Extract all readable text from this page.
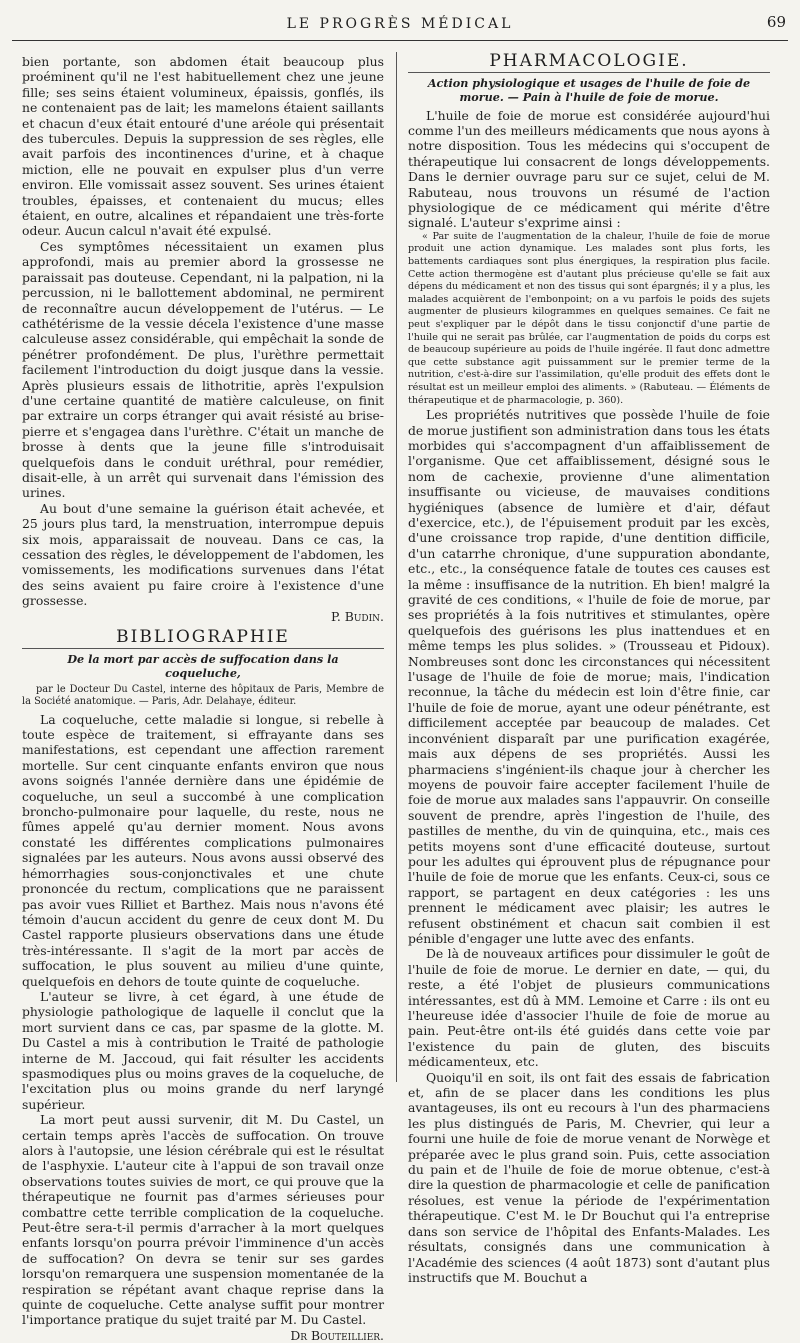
LE PROGRÈS MÉDICAL	69

bien portante, son abdomen était beaucoup plus proéminent qu'il ne l'est habituellement chez une jeune fille; ses seins étaient volumineux, épaissis, gonflés, ils ne contenaient pas de lait; les mamelons étaient saillants et chacun d'eux était entouré d'une aréole qui présentait des tubercules. Depuis la suppression de ses règles, elle avait parfois des incontinences d'urine, et à chaque miction, elle ne pouvait en expulser plus d'un verre environ. Elle vomissait assez souvent. Ses urines étaient troubles, épaisses, et contenaient du mucus; elles étaient, en outre, alcalines et répandaient une très-forte odeur. Aucun calcul n'avait été expulsé.

Ces symptômes nécessitaient un examen plus approfondi, mais au premier abord la grossesse ne paraissait pas douteuse. Cependant, ni la palpation, ni la percussion, ni le ballottement abdominal, ne permirent de reconnaître aucun développement de l'utérus. — Le cathétérisme de la vessie décela l'existence d'une masse calculeuse assez considérable, qui empêchait la sonde de pénétrer profondément. De plus, l'urèthre permettait facilement l'introduction du doigt jusque dans la vessie. Après plusieurs essais de lithotritie, après l'expulsion d'une certaine quantité de matière calculeuse, on finit par extraire un corps étranger qui avait résisté au brise-pierre et s'engagea dans l'urèthre. C'était un manche de brosse à dents que la jeune fille s'introduisait quelquefois dans le conduit uréthral, pour remédier, disait-elle, à un arrêt qui survenait dans l'émission des urines.

Au bout d'une semaine la guérison était achevée, et 25 jours plus tard, la menstruation, interrompue depuis six mois, apparaissait de nouveau. Dans ce cas, la cessation des règles, le développement de l'abdomen, les vomissements, les modifications survenues dans l'état des seins avaient pu faire croire à l'existence d'une grossesse.

P. Budin.
BIBLIOGRAPHIE
De la mort par accès de suffocation dans la coqueluche,
par le Docteur Du Castel, interne des hôpitaux de Paris, Membre de la Société anatomique. — Paris, Adr. Delahaye, éditeur.

La coqueluche, cette maladie si longue, si rebelle à toute espèce de traitement, si effrayante dans ses manifestations, est cependant une affection rarement mortelle. Sur cent cinquante enfants environ que nous avons soignés l'année dernière dans une épidémie de coqueluche, un seul a succombé à une complication broncho-pulmonaire pour laquelle, du reste, nous ne fûmes appelé qu'au dernier moment. Nous avons constaté les différentes complications pulmonaires signalées par les auteurs. Nous avons aussi observé des hémorrhagies sous-conjonctivales et une chute prononcée du rectum, complications que ne paraissent pas avoir vues Rilliet et Barthez. Mais nous n'avons été témoin d'aucun accident du genre de ceux dont M. Du Castel rapporte plusieurs observations dans une étude très-intéressante. Il s'agit de la mort par accès de suffocation, le plus souvent au milieu d'une quinte, quelquefois en dehors de toute quinte de coqueluche.

L'auteur se livre, à cet égard, à une étude de physiologie pathologique de laquelle il conclut que la mort survient dans ce cas, par spasme de la glotte. M. Du Castel a mis à contribution le Traité de pathologie interne de M. Jaccoud, qui fait résulter les accidents spasmodiques plus ou moins graves de la coqueluche, de l'excitation plus ou moins grande du nerf laryngé supérieur.

La mort peut aussi survenir, dit M. Du Castel, un certain temps après l'accès de suffocation. On trouve alors à l'autopsie, une lésion cérébrale qui est le résultat de l'asphyxie. L'auteur cite à l'appui de son travail onze observations toutes suivies de mort, ce qui prouve que la thérapeutique ne fournit pas d'armes sérieuses pour combattre cette terrible complication de la coqueluche. Peut-être sera-t-il permis d'arracher à la mort quelques enfants lorsqu'on pourra prévoir l'imminence d'un accès de suffocation? On devra se tenir sur ses gardes lorsqu'on remarquera une suspension momentanée de la respiration se répétant avant chaque reprise dans la quinte de coqueluche. Cette analyse suffit pour montrer l'importance pratique du sujet traité par M. Du Castel.

Dr Bouteillier.
PHARMACOLOGIE.
Action physiologique et usages de l'huile de foie de morue. — Pain à l'huile de foie de morue.

L'huile de foie de morue est considérée aujourd'hui comme l'un des meilleurs médicaments que nous ayons à notre disposition. Tous les médecins qui s'occupent de thérapeutique lui consacrent de longs développements. Dans le dernier ouvrage paru sur ce sujet, celui de M. Rabuteau, nous trouvons un résumé de l'action physiologique de ce médicament qui mérite d'être signalé. L'auteur s'exprime ainsi :

« Par suite de l'augmentation de la chaleur, l'huile de foie de morue produit une action dynamique. Les malades sont plus forts, les battements cardiaques sont plus énergiques, la respiration plus facile. Cette action thermogène est d'autant plus précieuse qu'elle se fait aux dépens du médicament et non des tissus qui sont épargnés; il y a plus, les malades acquièrent de l'embonpoint; on a vu parfois le poids des sujets augmenter de plusieurs kilogrammes en quelques semaines. Ce fait ne peut s'expliquer par le dépôt dans le tissu conjonctif d'une partie de l'huile qui ne serait pas brûlée, car l'augmentation de poids du corps est de beaucoup supérieure au poids de l'huile ingérée. Il faut donc admettre que cette substance agit puissamment sur le premier terme de la nutrition, c'est-à-dire sur l'assimilation, qu'elle produit des effets dont le résultat est un meilleur emploi des aliments. » (Rabuteau. — Éléments de thérapeutique et de pharmacologie, p. 360).

Les propriétés nutritives que possède l'huile de foie de morue justifient son administration dans tous les états morbides qui s'accompagnent d'un affaiblissement de l'organisme. Que cet affaiblissement, désigné sous le nom de cachexie, provienne d'une alimentation insuffisante ou vicieuse, de mauvaises conditions hygiéniques (absence de lumière et d'air, défaut d'exercice, etc.), de l'épuisement produit par les excès, d'une croissance trop rapide, d'une dentition difficile, d'un catarrhe chronique, d'une suppuration abondante, etc., etc., la conséquence fatale de toutes ces causes est la même : insuffisance de la nutrition. Eh bien! malgré la gravité de ces conditions, « l'huile de foie de morue, par ses propriétés à la fois nutritives et stimulantes, opère quelquefois des guérisons les plus inattendues et en même temps les plus solides. » (Trousseau et Pidoux). Nombreuses sont donc les circonstances qui nécessitent l'usage de l'huile de foie de morue; mais, l'indication reconnue, la tâche du médecin est loin d'être finie, car l'huile de foie de morue, ayant une odeur pénétrante, est difficilement acceptée par beaucoup de malades. Cet inconvénient disparaît par une purification exagérée, mais aux dépens de ses propriétés. Aussi les pharmaciens s'ingénient-ils chaque jour à chercher les moyens de pouvoir faire accepter facilement l'huile de foie de morue aux malades sans l'appauvrir. On conseille souvent de prendre, après l'ingestion de l'huile, des pastilles de menthe, du vin de quinquina, etc., mais ces petits moyens sont d'une efficacité douteuse, surtout pour les adultes qui éprouvent plus de répugnance pour l'huile de foie de morue que les enfants. Ceux-ci, sous ce rapport, se partagent en deux catégories : les uns prennent le médicament avec plaisir; les autres le refusent obstinément et chacun sait combien il est pénible d'engager une lutte avec des enfants.

De là de nouveaux artifices pour dissimuler le goût de l'huile de foie de morue. Le dernier en date, — qui, du reste, a été l'objet de plusieurs communications intéressantes, est dû à MM. Lemoine et Carre : ils ont eu l'heureuse idée d'associer l'huile de foie de morue au pain. Peut-être ont-ils été guidés dans cette voie par l'existence du pain de gluten, des biscuits médicamenteux, etc.

Quoiqu'il en soit, ils ont fait des essais de fabrication et, afin de se placer dans les conditions les plus avantageuses, ils ont eu recours à l'un des pharmaciens les plus distingués de Paris, M. Chevrier, qui leur a fourni une huile de foie de morue venant de Norwège et préparée avec le plus grand soin. Puis, cette association du pain et de l'huile de foie de morue obtenue, c'est-à dire la question de pharmacologie et celle de panification résolues, est venue la période de l'expérimentation thérapeutique. C'est M. le Dr Bouchut qui l'a entreprise dans son service de l'hôpital des Enfants-Malades. Les résultats, consignés dans une communication à l'Académie des sciences (4 août 1873) sont d'autant plus instructifs que M. Bouchut a
